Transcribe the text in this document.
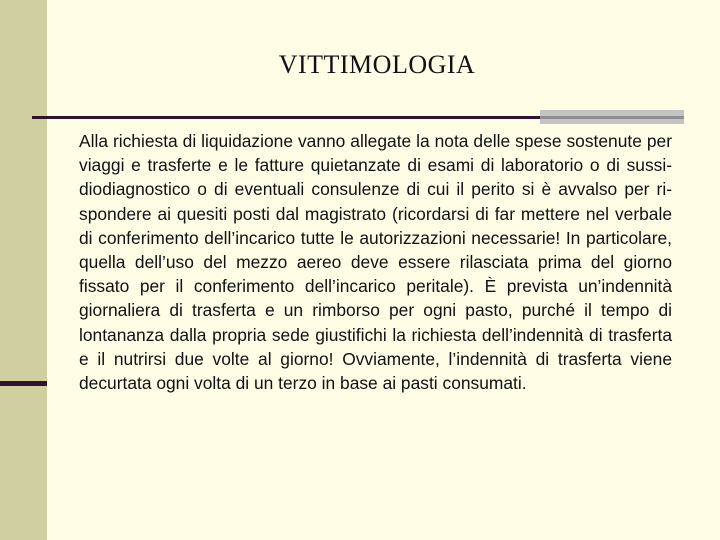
VITTIMOLOGIA

Alla richiesta di liquidazione vanno allegate la nota delle spese sostenute per viaggi e trasferte e le fatture quietanzate di esami di laboratorio o di sussi-diodiagnostico o di eventuali consulenze di cui il perito si è avvalso per ri-spondere ai quesiti posti dal magistrato (ricordarsi di far mettere nel verbale di conferimento dell’incarico tutte le autorizzazioni necessarie! In particolare, quella dell’uso del mezzo aereo deve essere rilasciata prima del giorno fissato per il conferimento dell’incarico peritale). È prevista un’indennità giornaliera di trasferta e un rimborso per ogni pasto, purché il tempo di lontananza dalla propria sede giustifichi la richiesta dell’indennità di trasferta e il nutrirsi due volte al giorno! Ovviamente, l’indennità di trasferta viene decurtata ogni volta di un terzo in base ai pasti consumati.
